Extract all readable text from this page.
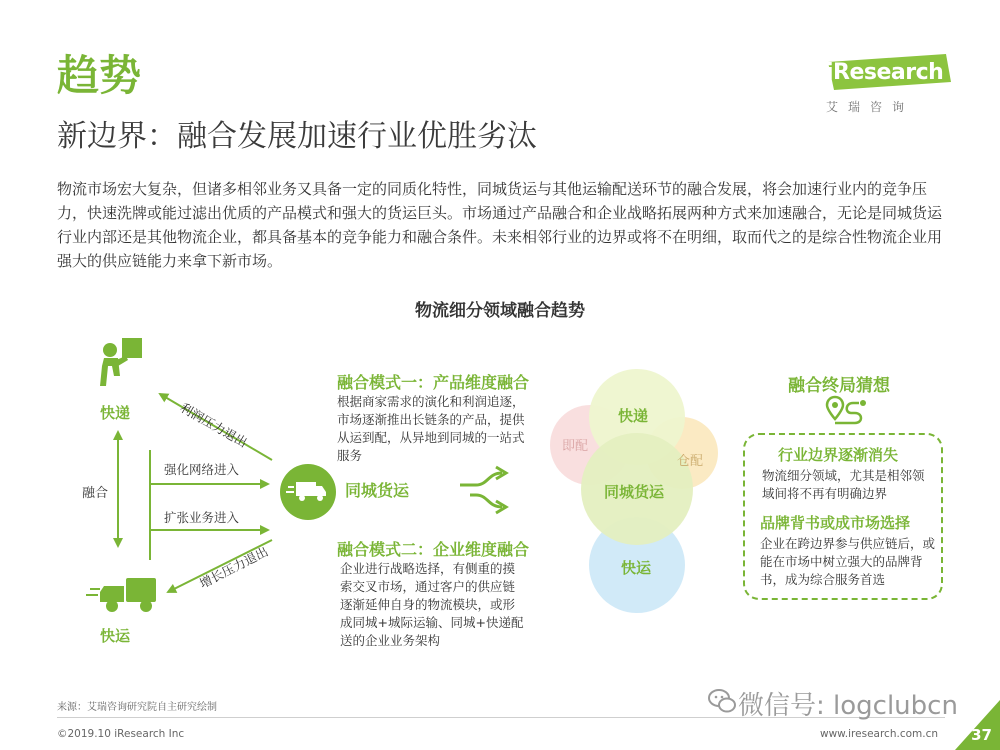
趋势
新边界：融合发展加速行业优胜劣汰
iResearch
艾瑞咨询
物流市场宏大复杂，但诸多相邻业务又具备一定的同质化特性，同城货运与其他运输配送环节的融合发展，将会加速行业内的竞争压力，快速洗牌或能过滤出优质的产品模式和强大的货运巨头。市场通过产品融合和企业战略拓展两种方式来加速融合，无论是同城货运行业内部还是其他物流企业，都具备基本的竞争能力和融合条件。未来相邻行业的边界或将不在明细，取而代之的是综合性物流企业用强大的供应链能力来拿下新市场。
物流细分领域融合趋势
快递
快运
融合
利润压力退出
强化网络进入
扩张业务进入
增长压力退出
同城货运
融合模式一：产品维度融合
根据商家需求的演化和利润追逐，市场逐渐推出长链条的产品，提供从运到配，从异地到同城的一站式服务
融合模式二：企业维度融合
企业进行战略选择，有侧重的摸索交叉市场，通过客户的供应链逐渐延伸自身的物流模块，或形成同城+城际运输、同城+快递配送的企业业务架构
快递
即配
仓配
同城货运
快运
融合终局猜想
行业边界逐渐消失
物流细分领域，尤其是相邻领域间将不再有明确边界
品牌背书或成市场选择
企业在跨边界参与供应链后，或能在市场中树立强大的品牌背书，成为综合服务首选
来源：艾瑞咨询研究院自主研究绘制
©2019.10 iResearch Inc	www.iresearch.com.cn
微信号: logclubcn
37
